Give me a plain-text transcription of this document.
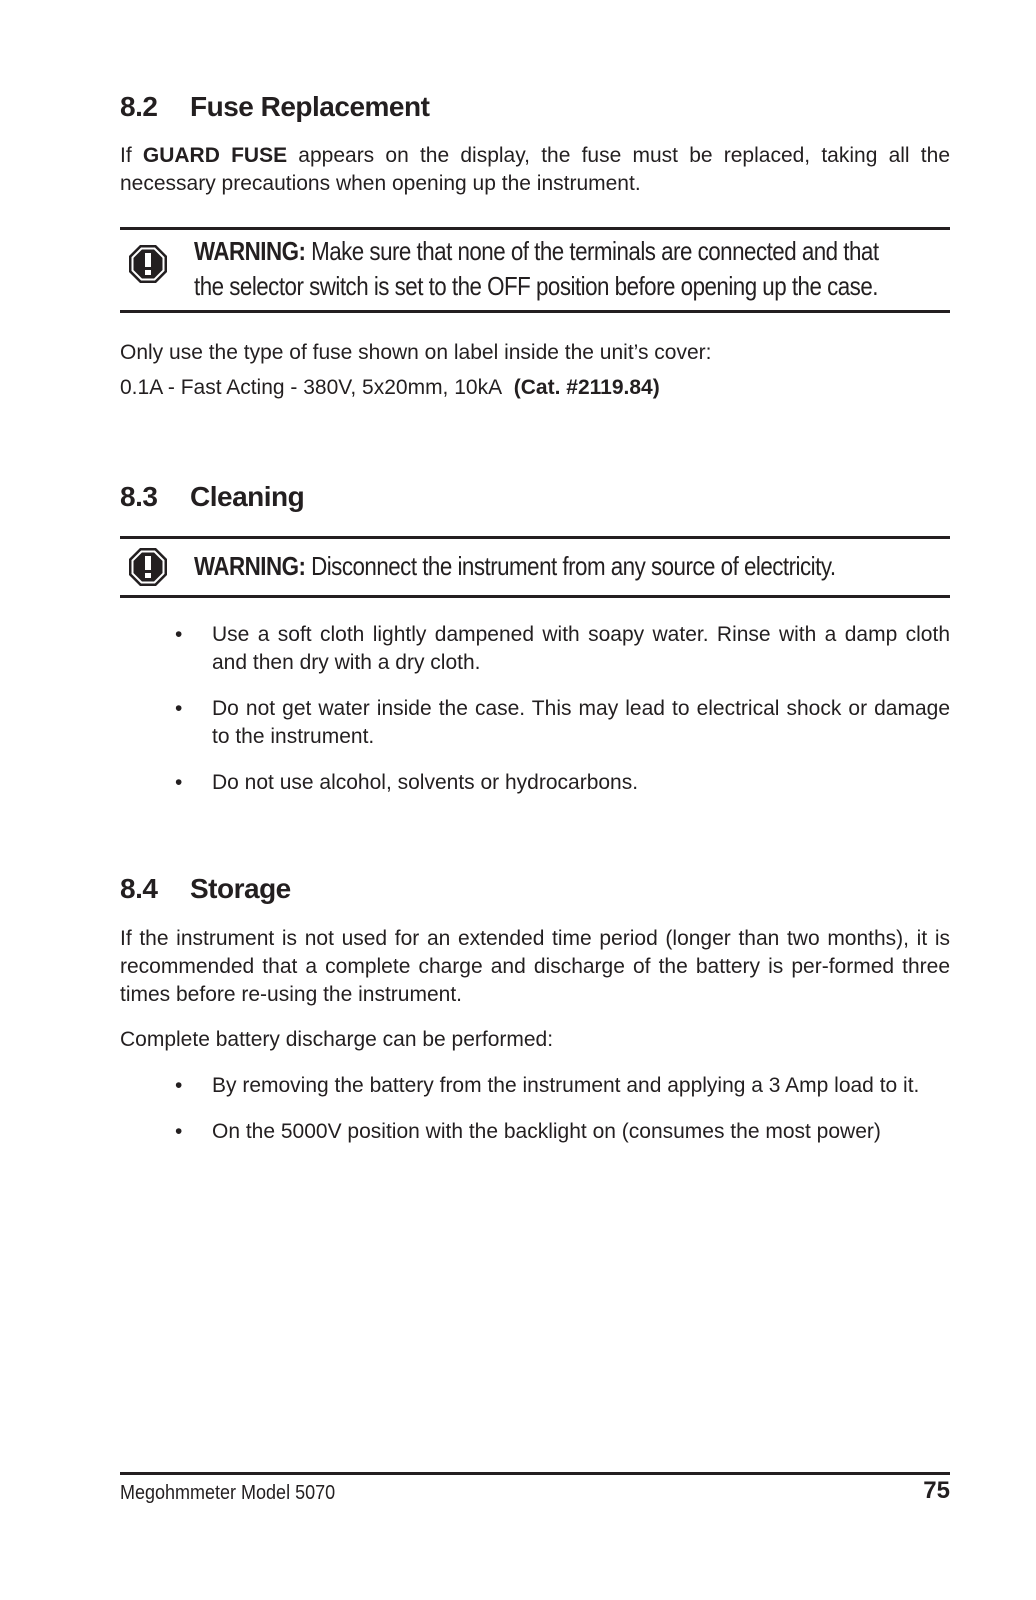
8.2 Fuse Replacement

If GUARD FUSE appears on the display, the fuse must be replaced, taking all the necessary precautions when opening up the instrument.

WARNING: Make sure that none of the terminals are connected and that
the selector switch is set to the OFF position before opening up the case.

Only use the type of fuse shown on label inside the unit’s cover:

0.1A - Fast Acting - 380V, 5x20mm, 10kA (Cat. #2119.84)

8.3 Cleaning

WARNING: Disconnect the instrument from any source of electricity.

• Use a soft cloth lightly dampened with soapy water. Rinse with a damp cloth and then dry with a dry cloth.
• Do not get water inside the case. This may lead to electrical shock or damage to the instrument.
• Do not use alcohol, solvents or hydrocarbons.
8.4 Storage

If the instrument is not used for an extended time period (longer than two months), it is recommended that a complete charge and discharge of the battery is per-formed three times before re-using the instrument.

Complete battery discharge can be performed:

• By removing the battery from the instrument and applying a 3 Amp load to it.
• On the 5000V position with the backlight on (consumes the most power)
Megohmmeter Model 5070	75
